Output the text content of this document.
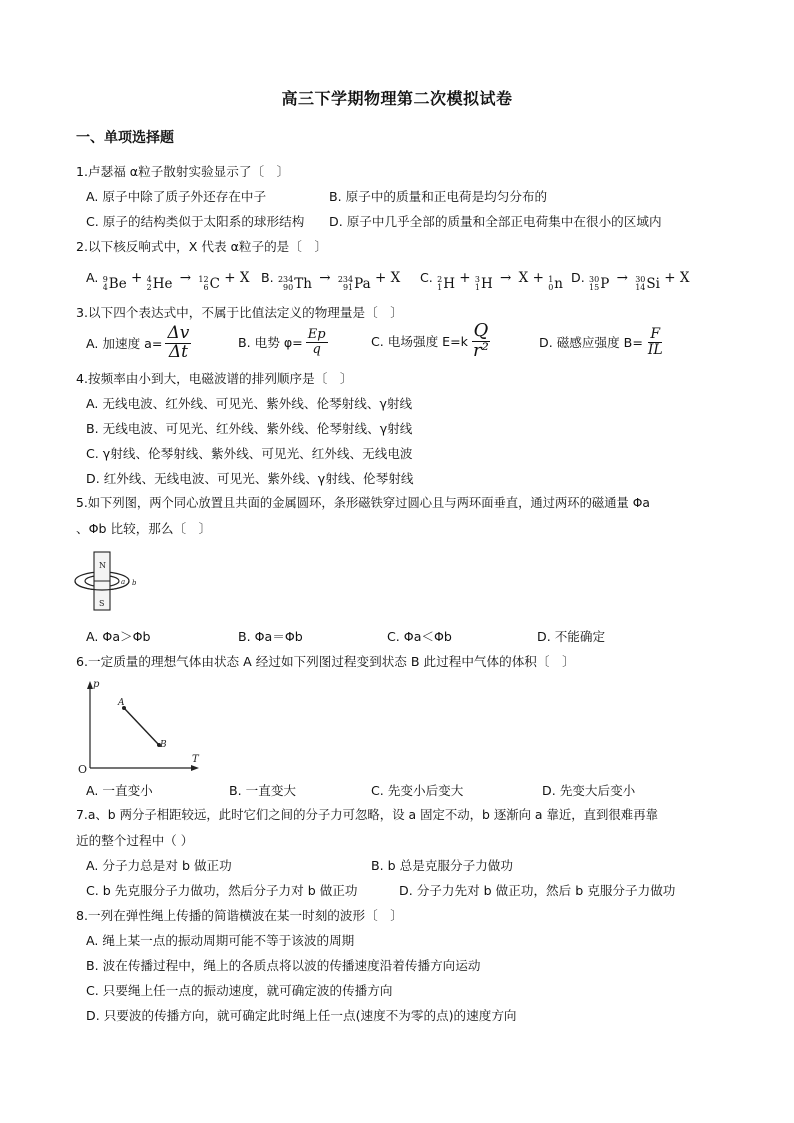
高三下学期物理第二次模拟试卷
一、单项选择题
1.卢瑟福 α粒子散射实验显示了〔　〕
A. 原子中除了质子外还存在中子	B. 原子中的质量和正电荷是均匀分布的
C. 原子的结构类似于太阳系的球形结构 D. 原子中几乎全部的质量和全部正电荷集中在很小的区域内
2.以下核反响式中，X 代表 α粒子的是〔　〕
A. 9
4 Be + 4
2 He → 12
6 C + X B. 234
90 Th → 234
91 Pa + X C. 2
1 H + 3
1 H → X + 1
0 n D. 30
15 P → 30
14 Si + X
3.以下四个表达式中，不属于比值法定义的物理量是〔　〕
A. 加速度 $a= \frac{\Delta v}{\Delta t}$	B. 电势 $\varphi= \frac{Ep}{q}$	C. 电场强度 $E=k \frac{Q}{\text{r²}}$	D. 磁感应强度 $B= \frac{F}{IL}$
4.按频率由小到大，电磁波谱的排列顺序是〔　〕
A. 无线电波、红外线、可见光、紫外线、伦琴射线、γ射线
B. 无线电波、可见光、红外线、紫外线、伦琴射线、γ射线
C. γ射线、伦琴射线、紫外线、可见光、红外线、无线电波
D. 红外线、无线电波、可见光、紫外线、γ射线、伦琴射线
5.如下列图，两个同心放置且共面的金属圆环，条形磁铁穿过圆心且与两环面垂直，通过两环的磁通量 Φa
、Φb 比较，那么〔　〕
N
S
a b
A. Φa＞Φb	B. Φa＝Φb	C. Φa＜Φb	D. 不能确定
6.一定质量的理想气体由状态 A 经过如下列图过程变到状态 B 此过程中气体的体积〔　〕
p
T
O
A
B
A. 一直变小	B. 一直变大	C. 先变小后变大	D. 先变大后变小
7.a、b 两分子相距较远，此时它们之间的分子力可忽略，设 a 固定不动，b 逐渐向 a 靠近，直到很难再靠
近的整个过程中（ ）
A. 分子力总是对 b 做正功	B. b 总是克服分子力做功
C. b 先克服分子力做功，然后分子力对 b 做正功	D. 分子力先对 b 做正功，然后 b 克服分子力做功
8.一列在弹性绳上传播的简谐横波在某一时刻的波形〔　〕
A. 绳上某一点的振动周期可能不等于该波的周期
B. 波在传播过程中，绳上的各质点将以波的传播速度沿着传播方向运动
C. 只要绳上任一点的振动速度，就可确定波的传播方向
D. 只要波的传播方向，就可确定此时绳上任一点(速度不为零的点)的速度方向
